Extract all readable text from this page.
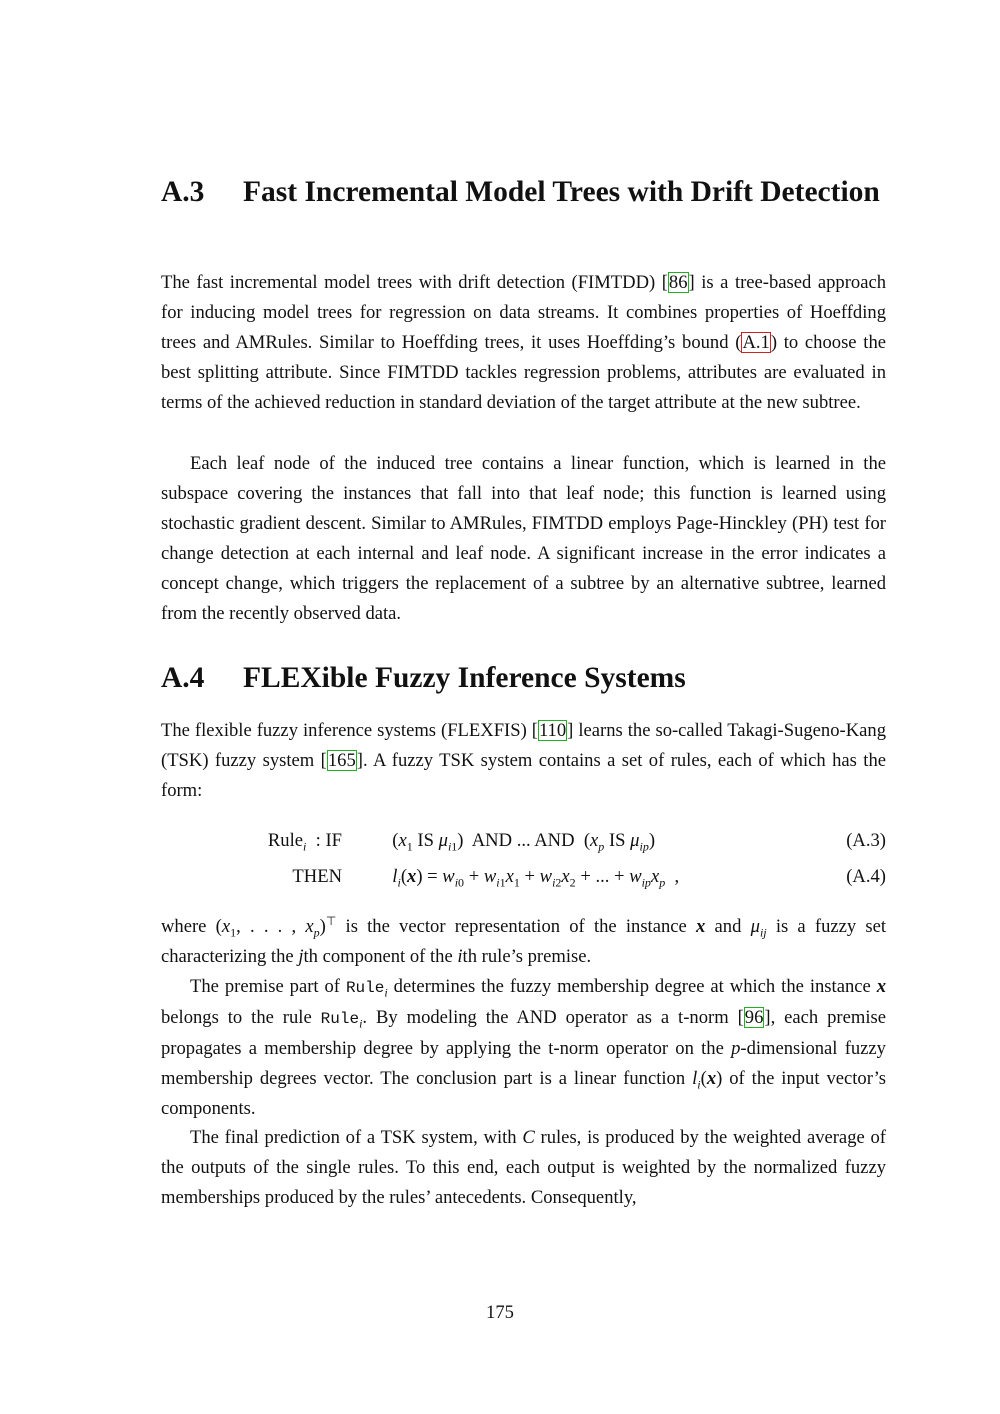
A.3 Fast Incremental Model Trees with Drift Detection

The fast incremental model trees with drift detection (FIMTDD) [86] is a tree-based approach for inducing model trees for regression on data streams. It combines properties of Hoeffding trees and AMRules. Similar to Hoeffding trees, it uses Hoeffding’s bound (A.1) to choose the best splitting attribute. Since FIMTDD tackles regression problems, attributes are evaluated in terms of the achieved reduction in standard deviation of the target attribute at the new subtree.

Each leaf node of the induced tree contains a linear function, which is learned in the subspace covering the instances that fall into that leaf node; this function is learned using stochastic gradient descent. Similar to AMRules, FIMTDD employs Page-Hinckley (PH) test for change detection at each internal and leaf node. A significant increase in the error indicates a concept change, which triggers the replacement of a subtree by an alternative subtree, learned from the recently observed data.

A.4 FLEXible Fuzzy Inference Systems

The flexible fuzzy inference systems (FLEXFIS) [110] learns the so-called Takagi-Sugeno-Kang (TSK) fuzzy system [165]. A fuzzy TSK system contains a set of rules, each of which has the form:

Rule$_i$  : IF ($x_1$ IS $\mu_{i1}$)  AND ... AND  ($x_p$ IS $\mu_{ip}$)	(A.3)
THEN	$l_i(x) = w_{i0} + w_{i1}x_1 + w_{i2}x_2$ + ... + $w_{ip}x_p$  ,	(A.4)

where ($x_1$, . . . , $x_p)^⊤$ is the vector representation of the instance x and $\mu_{ij}$ is a fuzzy set characterizing the jth component of the ith rule’s premise.

The premise part of Rule$_i$ determines the fuzzy membership degree at which the instance x belongs to the rule Rule$_i$. By modeling the AND operator as a t-norm [96], each premise propagates a membership degree by applying the t-norm operator on the p-dimensional fuzzy membership degrees vector. The conclusion part is a linear function $l_i(x)$ of the input vector’s components.

The final prediction of a TSK system, with C rules, is produced by the weighted average of the outputs of the single rules. To this end, each output is weighted by the normalized fuzzy memberships produced by the rules’ antecedents. Consequently,

175
